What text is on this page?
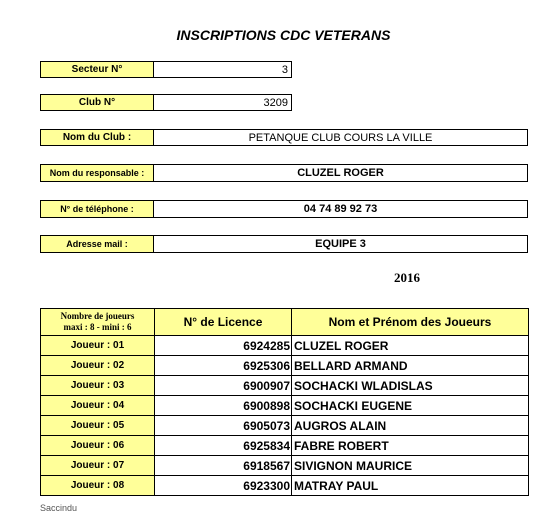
INSCRIPTIONS CDC VETERANS
Secteur N°	3
Club N°	3209
Nom du Club :	PETANQUE CLUB COURS LA VILLE
Nom du responsable :	CLUZEL ROGER
N° de téléphone :	04 74 89 92 73
Adresse mail :	EQUIPE 3
2016
Nombre de joueurs
maxi : 8 - mini : 6	N° de Licence	Nom et Prénom des Joueurs
Joueur : 01	6924285	CLUZEL ROGER
Joueur : 02	6925306	BELLARD ARMAND
Joueur : 03	6900907	SOCHACKI WLADISLAS
Joueur : 04	6900898	SOCHACKI EUGENE
Joueur : 05	6905073	AUGROS ALAIN
Joueur : 06	6925834	FABRE ROBERT
Joueur : 07	6918567	SIVIGNON MAURICE
Joueur : 08	6923300	MATRAY PAUL
Saccindu
